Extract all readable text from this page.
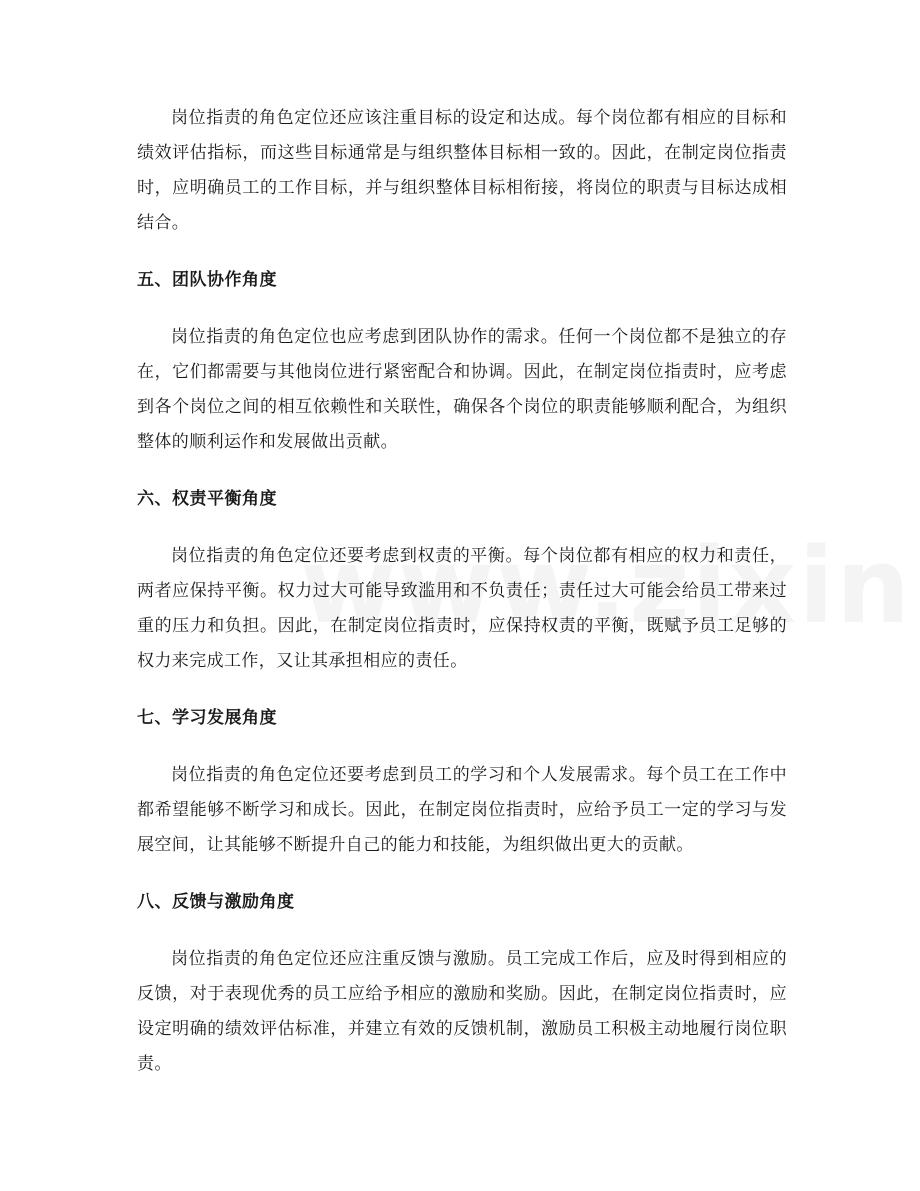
岗位指责的角色定位还应该注重目标的设定和达成。每个岗位都有相应的目标和绩效评估指标，而这些目标通常是与组织整体目标相一致的。因此，在制定岗位指责时，应明确员工的工作目标，并与组织整体目标相衔接，将岗位的职责与目标达成相结合。

五、团队协作角度

岗位指责的角色定位也应考虑到团队协作的需求。任何一个岗位都不是独立的存在，它们都需要与其他岗位进行紧密配合和协调。因此，在制定岗位指责时，应考虑到各个岗位之间的相互依赖性和关联性，确保各个岗位的职责能够顺利配合，为组织整体的顺利运作和发展做出贡献。

六、权责平衡角度

岗位指责的角色定位还要考虑到权责的平衡。每个岗位都有相应的权力和责任，两者应保持平衡。权力过大可能导致滥用和不负责任；责任过大可能会给员工带来过重的压力和负担。因此，在制定岗位指责时，应保持权责的平衡，既赋予员工足够的权力来完成工作，又让其承担相应的责任。

七、学习发展角度

岗位指责的角色定位还要考虑到员工的学习和个人发展需求。每个员工在工作中都希望能够不断学习和成长。因此，在制定岗位指责时，应给予员工一定的学习与发展空间，让其能够不断提升自己的能力和技能，为组织做出更大的贡献。

八、反馈与激励角度

岗位指责的角色定位还应注重反馈与激励。员工完成工作后，应及时得到相应的反馈，对于表现优秀的员工应给予相应的激励和奖励。因此，在制定岗位指责时，应设定明确的绩效评估标准，并建立有效的反馈机制，激励员工积极主动地履行岗位职责。
